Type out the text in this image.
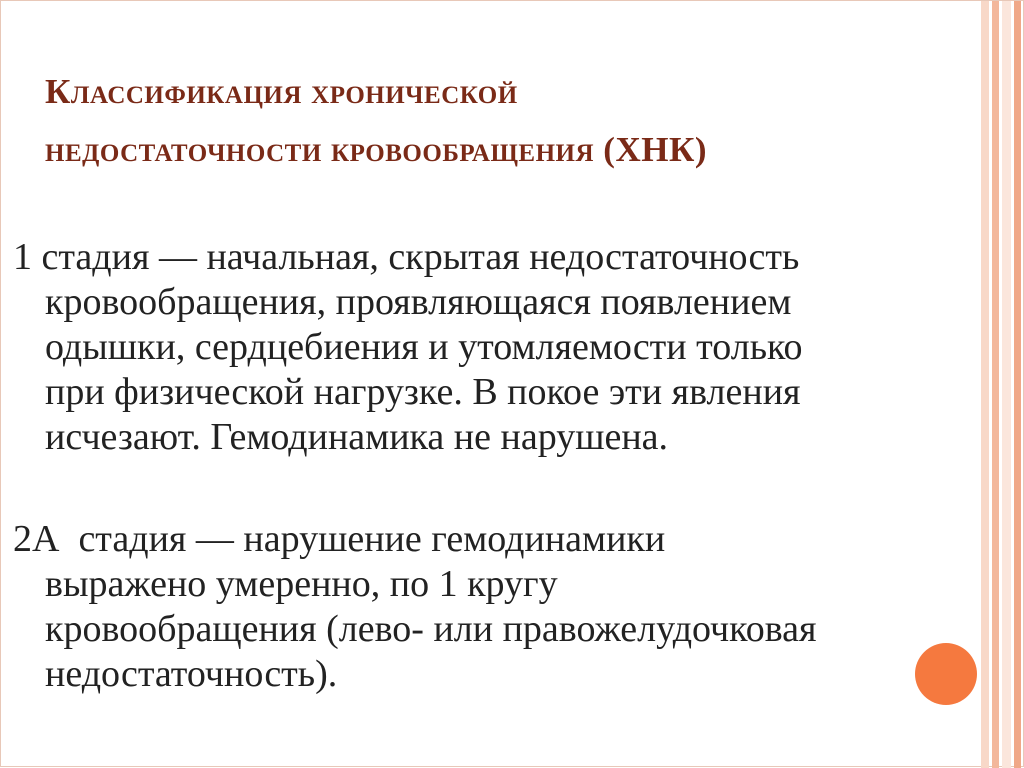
Классификация хронической
недостаточности кровообращения (ХНК)
1 стадия — начальная, скрытая недостаточность
кровообращения, проявляющаяся появлением
одышки, сердцебиения и утомляемости только
при физической нагрузке. В покое эти явления
исчезают. Гемодинамика не нарушена.
2А  стадия — нарушение гемодинамики
выражено умеренно, по 1 кругу
кровообращения (лево- или правожелудочковая
недостаточность).
